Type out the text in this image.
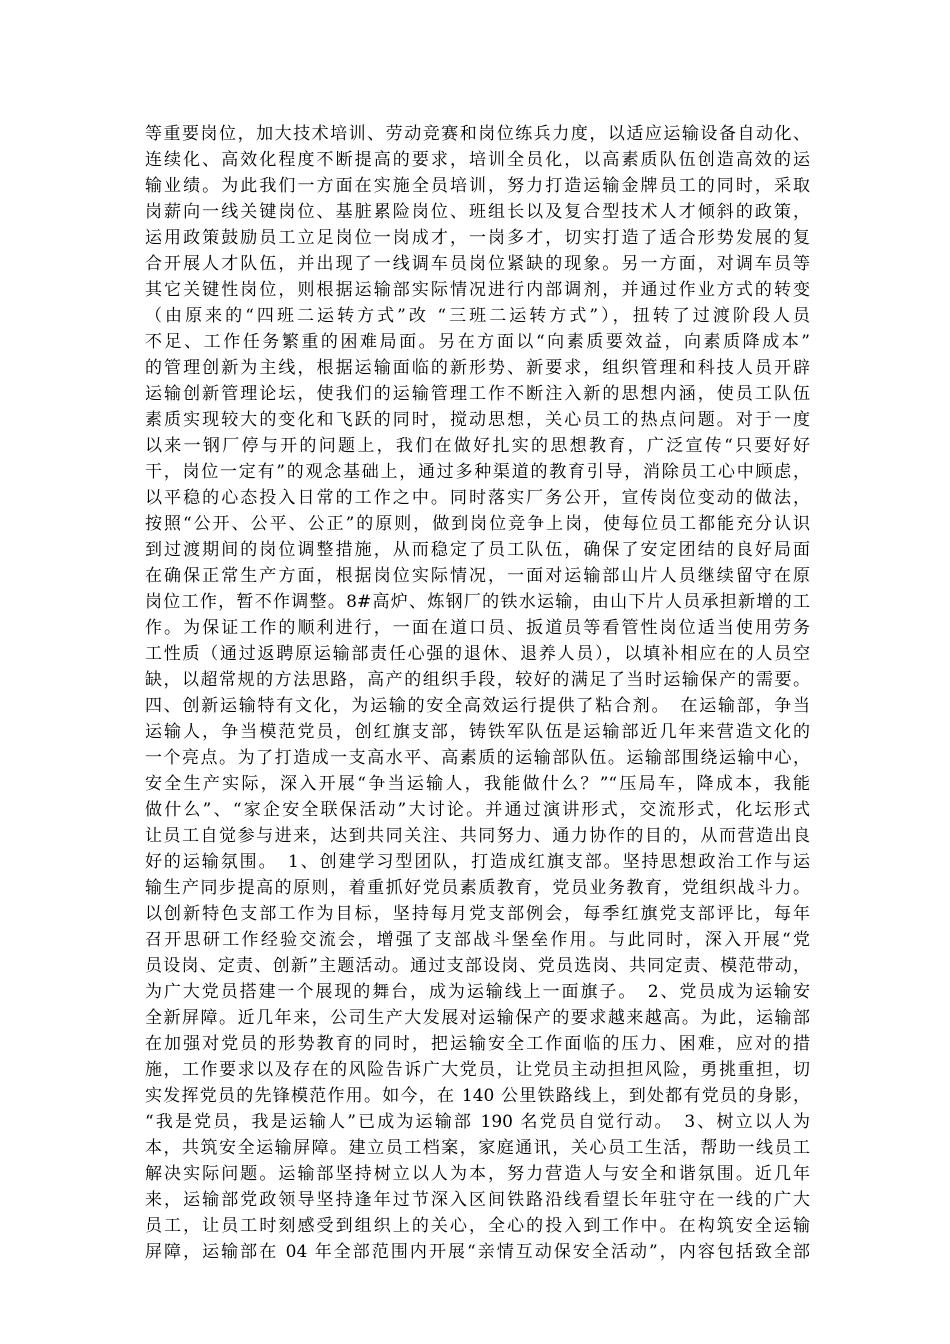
等重要岗位，加大技术培训、劳动竞赛和岗位练兵力度，以适应运输设备自动化、
连续化、高效化程度不断提高的要求，培训全员化，以高素质队伍创造高效的运
输业绩。为此我们一方面在实施全员培训，努力打造运输金牌员工的同时，采取
岗薪向一线关键岗位、基脏累险岗位、班组长以及复合型技术人才倾斜的政策，
运用政策鼓励员工立足岗位一岗成才，一岗多才，切实打造了适合形势发展的复
合开展人才队伍，并出现了一线调车员岗位紧缺的现象。另一方面，对调车员等
其它关键性岗位，则根据运输部实际情况进行内部调剂，并通过作业方式的转变
（由原来的“四班二运转方式”改 “三班二运转方式”），扭转了过渡阶段人员
不足、工作任务繁重的困难局面。另在方面以“向素质要效益，向素质降成本”
的管理创新为主线，根据运输面临的新形势、新要求，组织管理和科技人员开辟
运输创新管理论坛，使我们的运输管理工作不断注入新的思想内涵，使员工队伍
素质实现较大的变化和飞跃的同时，搅动思想，关心员工的热点问题。对于一度
以来一钢厂停与开的问题上，我们在做好扎实的思想教育，广泛宣传“只要好好
干，岗位一定有”的观念基础上，通过多种渠道的教育引导，消除员工心中顾虑，
以平稳的心态投入日常的工作之中。同时落实厂务公开，宣传岗位变动的做法，
按照“公开、公平、公正”的原则，做到岗位竞争上岗，使每位员工都能充分认识
到过渡期间的岗位调整措施，从而稳定了员工队伍，确保了安定团结的良好局面
在确保正常生产方面，根据岗位实际情况，一面对运输部山片人员继续留守在原
岗位工作，暂不作调整。8#高炉、炼钢厂的铁水运输，由山下片人员承担新增的工
作。为保证工作的顺利进行，一面在道口员、扳道员等看管性岗位适当使用劳务
工性质（通过返聘原运输部责任心强的退休、退养人员），以填补相应在的人员空
缺，以超常规的方法思路，高产的组织手段，较好的满足了当时运输保产的需要。
四、创新运输特有文化，为运输的安全高效运行提供了粘合剂。　在运输部，争当
运输人，争当模范党员，创红旗支部，铸铁军队伍是运输部近几年来营造文化的
一个亮点。为了打造成一支高水平、高素质的运输部队伍。运输部围绕运输中心，
安全生产实际，深入开展“争当运输人，我能做什么？”“压局车，降成本，我能
做什么”、“家企安全联保活动”大讨论。并通过演讲形式，交流形式，化坛形式
让员工自觉参与进来，达到共同关注、共同努力、通力协作的目的，从而营造出良
好的运输氛围。　1、创建学习型团队，打造成红旗支部。坚持思想政治工作与运
输生产同步提高的原则，着重抓好党员素质教育，党员业务教育，党组织战斗力。
以创新特色支部工作为目标，坚持每月党支部例会，每季红旗党支部评比，每年
召开思研工作经验交流会，增强了支部战斗堡垒作用。与此同时，深入开展“党
员设岗、定责、创新”主题活动。通过支部设岗、党员选岗、共同定责、模范带动，
为广大党员搭建一个展现的舞台，成为运输线上一面旗子。　2、党员成为运输安
全新屏障。近几年来，公司生产大发展对运输保产的要求越来越高。为此，运输部
在加强对党员的形势教育的同时，把运输安全工作面临的压力、困难，应对的措
施，工作要求以及存在的风险告诉广大党员，让党员主动担担风险，勇挑重担，切
实发挥党员的先锋模范作用。如今，在 140 公里铁路线上，到处都有党员的身影，
“我是党员，我是运输人”已成为运输部 190 名党员自觉行动。　3、树立以人为
本，共筑安全运输屏障。建立员工档案，家庭通讯，关心员工生活，帮助一线员工
解决实际问题。运输部坚持树立以人为本，努力营造人与安全和谐氛围。近几年
来，运输部党政领导坚持逢年过节深入区间铁路沿线看望长年驻守在一线的广大
员工，让员工时刻感受到组织上的关心，全心的投入到工作中。在构筑安全运输
屏障，运输部在 04 年全部范围内开展“亲情互动保安全活动”，内容包括致全部
